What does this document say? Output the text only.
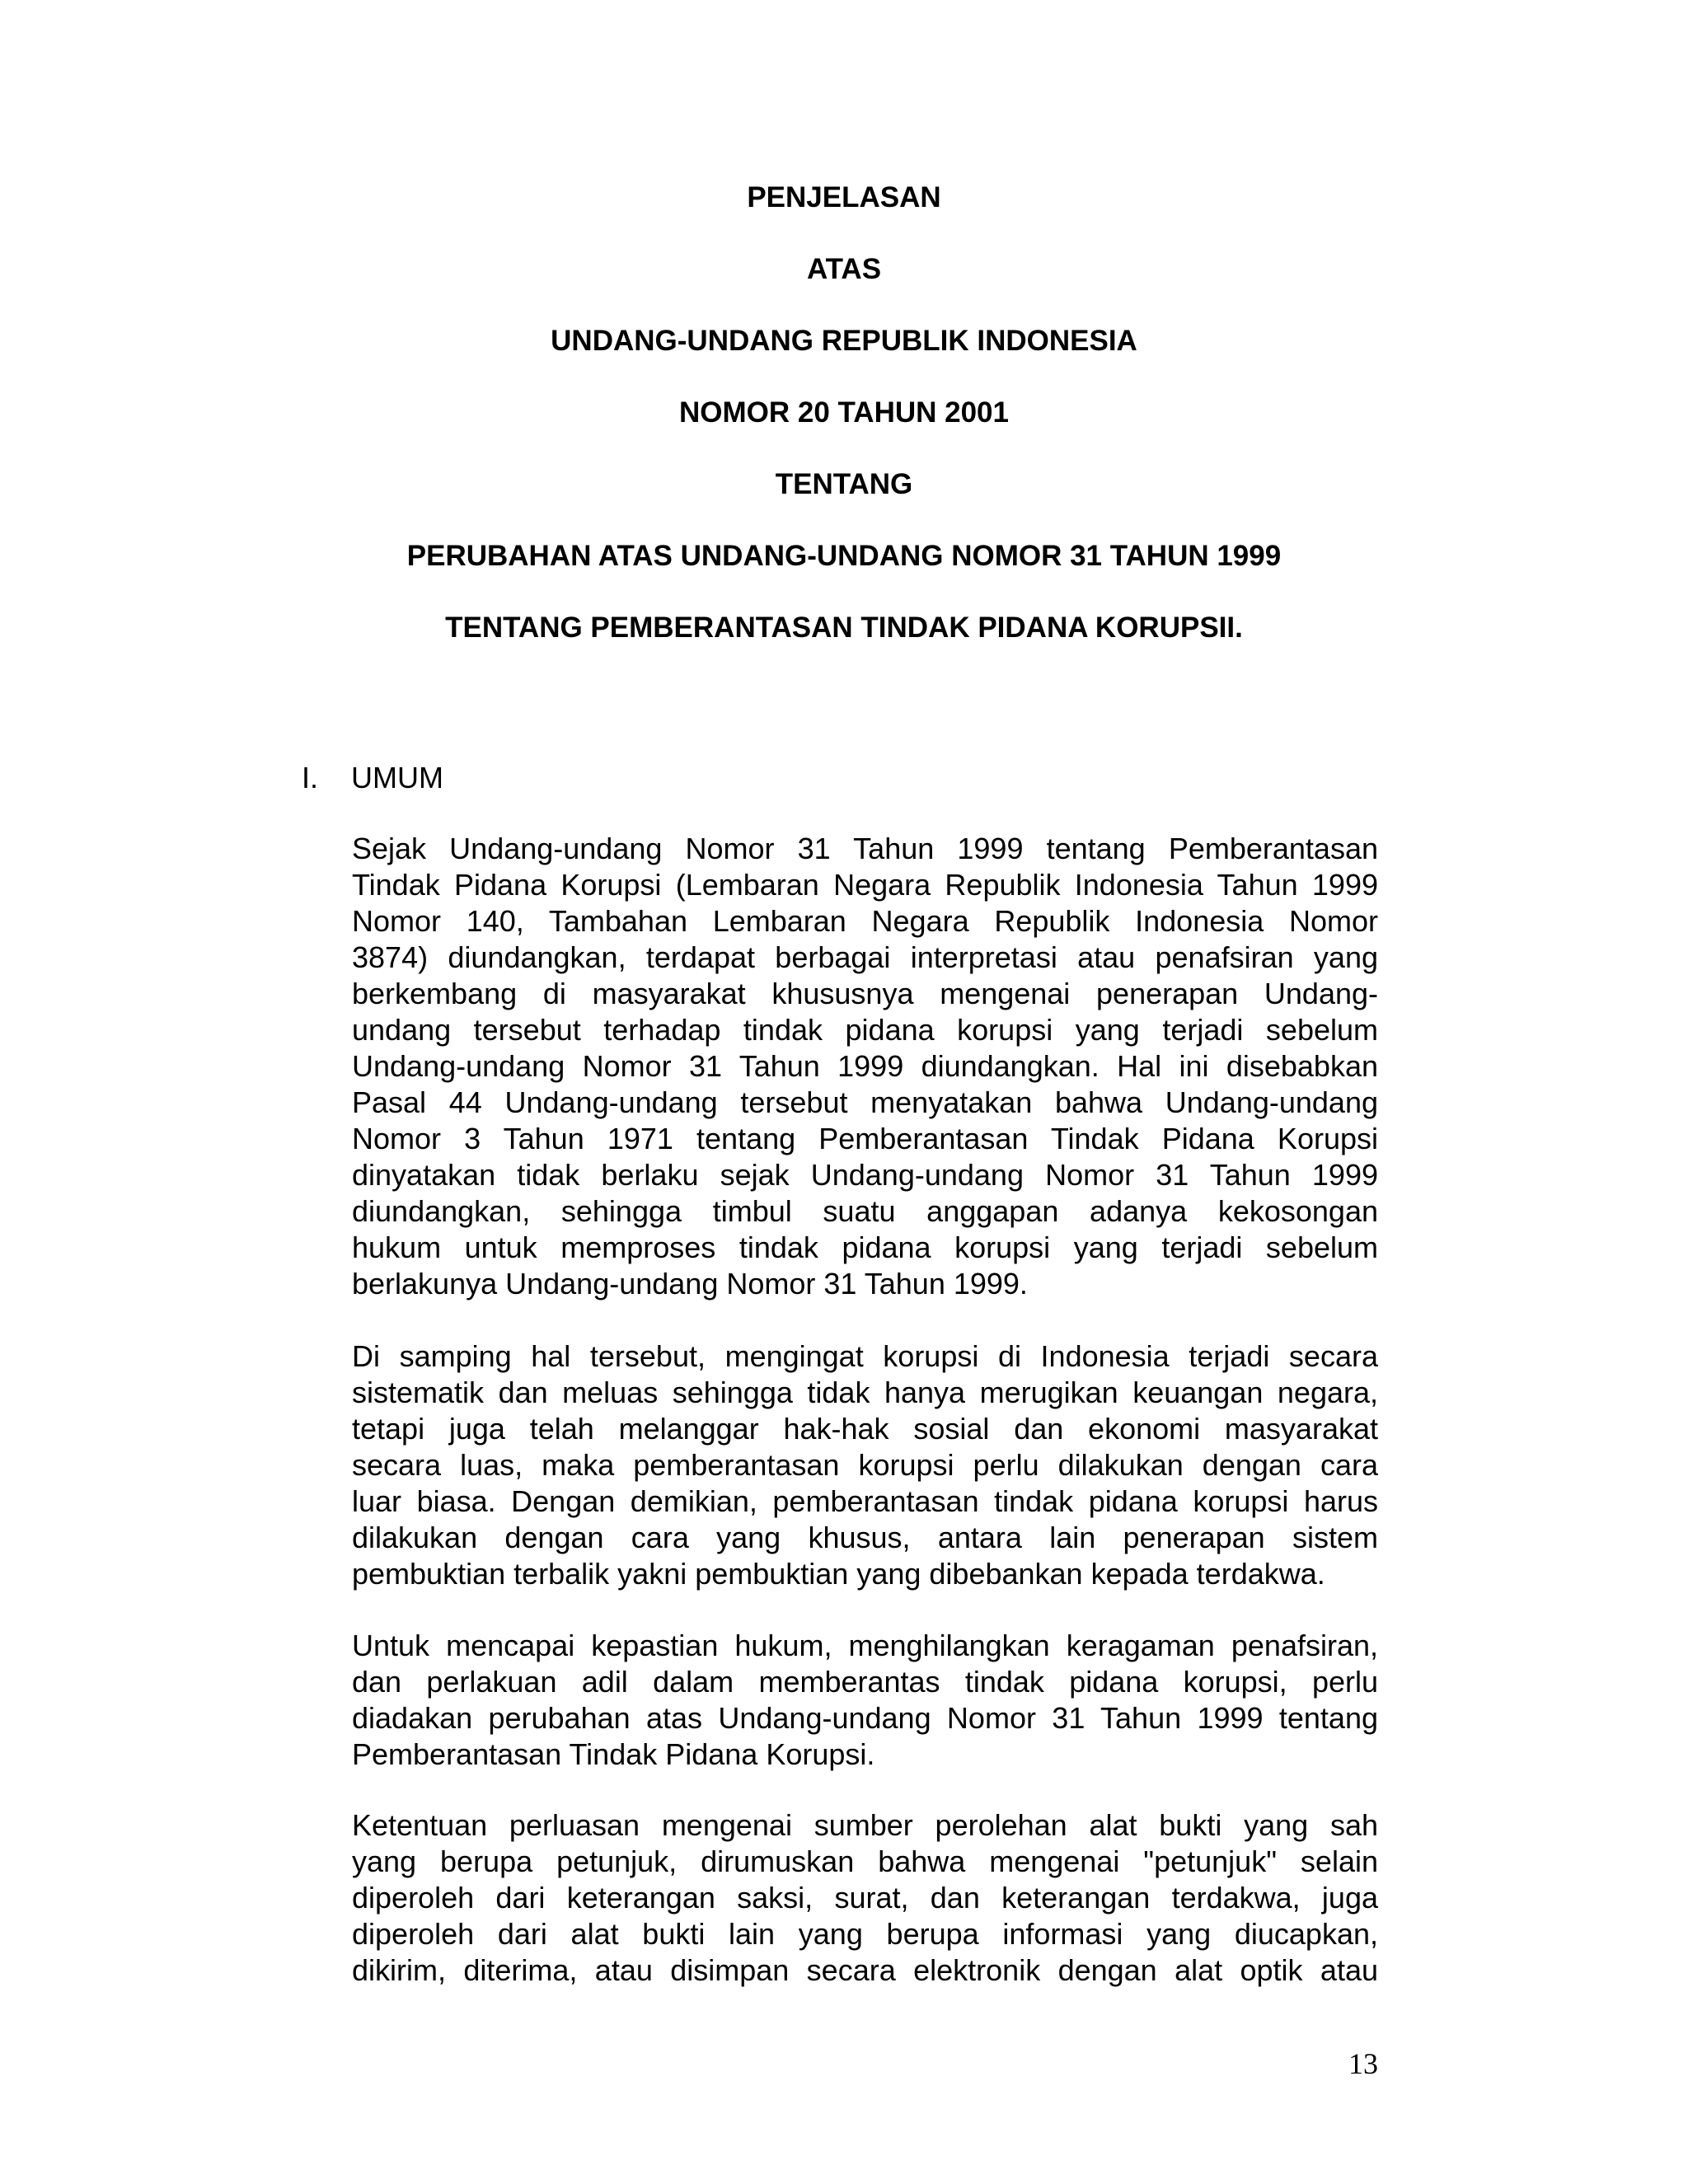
PENJELASAN
ATAS
UNDANG-UNDANG REPUBLIK INDONESIA
NOMOR 20 TAHUN 2001
TENTANG
PERUBAHAN ATAS UNDANG-UNDANG NOMOR 31 TAHUN 1999
TENTANG PEMBERANTASAN TINDAK PIDANA KORUPSII.
I. UMUM
Sejak Undang-undang Nomor 31 Tahun 1999 tentang Pemberantasan
Tindak Pidana Korupsi (Lembaran Negara Republik Indonesia Tahun 1999
Nomor 140, Tambahan Lembaran Negara Republik Indonesia Nomor
3874) diundangkan, terdapat berbagai interpretasi atau penafsiran yang
berkembang di masyarakat khususnya mengenai penerapan Undang-
undang tersebut terhadap tindak pidana korupsi yang terjadi sebelum
Undang-undang Nomor 31 Tahun 1999 diundangkan. Hal ini disebabkan
Pasal 44 Undang-undang tersebut menyatakan bahwa Undang-undang
Nomor 3 Tahun 1971 tentang Pemberantasan Tindak Pidana Korupsi
dinyatakan tidak berlaku sejak Undang-undang Nomor 31 Tahun 1999
diundangkan, sehingga timbul suatu anggapan adanya kekosongan
hukum untuk memproses tindak pidana korupsi yang terjadi sebelum
berlakunya Undang-undang Nomor 31 Tahun 1999.
Di samping hal tersebut, mengingat korupsi di Indonesia terjadi secara
sistematik dan meluas sehingga tidak hanya merugikan keuangan negara,
tetapi juga telah melanggar hak-hak sosial dan ekonomi masyarakat
secara luas, maka pemberantasan korupsi perlu dilakukan dengan cara
luar biasa. Dengan demikian, pemberantasan tindak pidana korupsi harus
dilakukan dengan cara yang khusus, antara lain penerapan sistem
pembuktian terbalik yakni pembuktian yang dibebankan kepada terdakwa.
Untuk mencapai kepastian hukum, menghilangkan keragaman penafsiran,
dan perlakuan adil dalam memberantas tindak pidana korupsi, perlu
diadakan perubahan atas Undang-undang Nomor 31 Tahun 1999 tentang
Pemberantasan Tindak Pidana Korupsi.
Ketentuan perluasan mengenai sumber perolehan alat bukti yang sah
yang berupa petunjuk, dirumuskan bahwa mengenai "petunjuk" selain
diperoleh dari keterangan saksi, surat, dan keterangan terdakwa, juga
diperoleh dari alat bukti lain yang berupa informasi yang diucapkan,
dikirim, diterima, atau disimpan secara elektronik dengan alat optik atau
13
